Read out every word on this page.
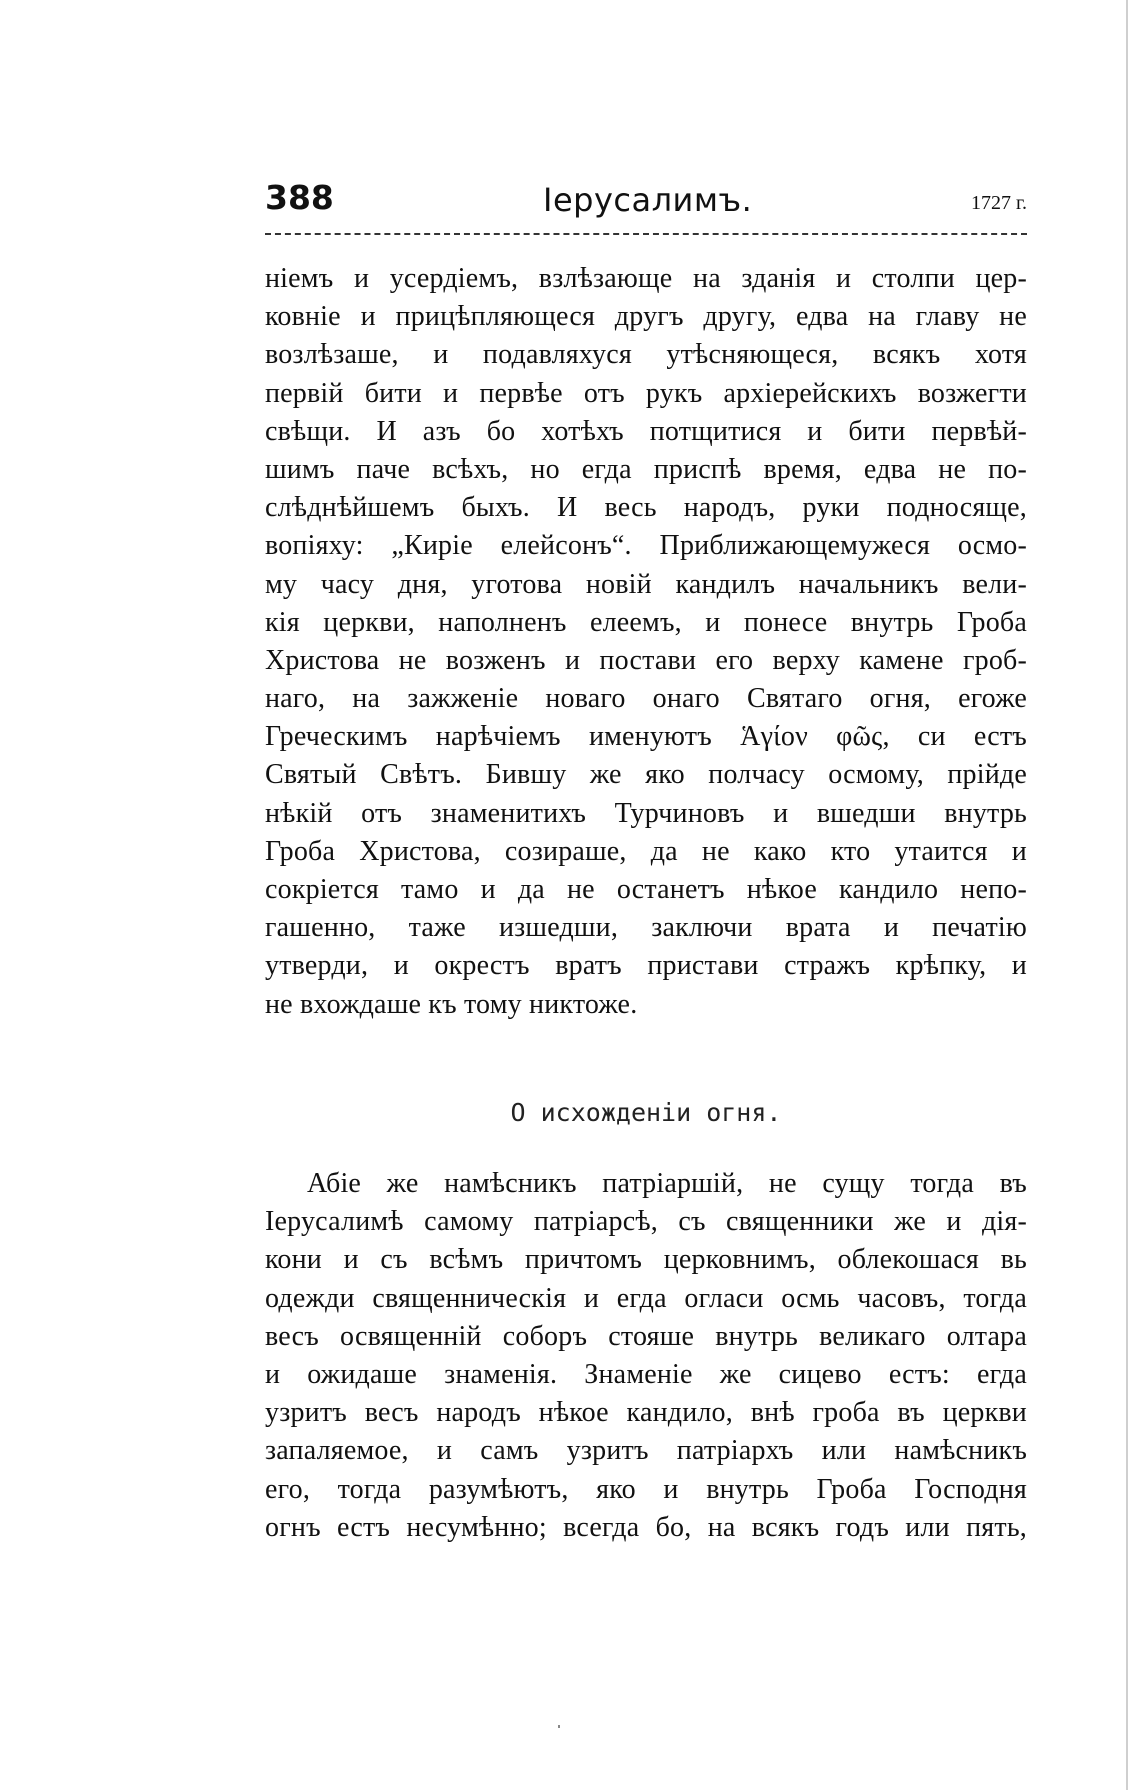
388	Іерусалимъ.	1727 г.
ніемъ и усердіемъ, взлѣзающе на зданія и столпи цер-
ковніе и прицѣпляющеся другъ другу, едва на главу не
возлѣзаше, и подавляхуся утѣсняющеся, всякъ хотя
первій бити и первѣе отъ рукъ архіерейскихъ возжегти
свѣщи. И азъ бо хотѣхъ потщитися и бити первѣй-
шимъ паче всѣхъ, но егда приспѣ время, едва не по-
слѣднѣйшемъ быхъ. И весь народъ, руки подносяще,
вопіяху: „Киріе елейсонъ“. Приближающемужеся осмо-
му часу дня, уготова новій кандилъ начальникъ вели-
кія церкви, наполненъ елеемъ, и понесе внутрь Гроба
Христова не возженъ и постави его верху камене гроб-
наго, на зажженіе новаго онаго Святаго огня, егоже
Греческимъ нарѣчіемъ именуютъ Ἁγίον φῶς, си естъ
Святый Свѣтъ. Бившу же яко полчасу осмому, прійде
нѣкій отъ знаменитихъ Турчиновъ и вшедши внутрь
Гроба Христова, созираше, да не како кто утаится и
сокріется тамо и да не останетъ нѣкое кандило непо-
гашенно, таже изшедши, заключи врата и печатію
утверди, и окрестъ вратъ пристави стражъ крѣпку, и
не вхождаше къ тому никтоже.
О исхожденіи огня.
Абіе же намѣсникъ патріаршій, не сущу тогда въ
Іерусалимѣ самому патріарсѣ, съ священники же и дія-
кони и съ всѣмъ причтомъ церковнимъ, облекошася вь
одежди священническія и егда огласи осмь часовъ, тогда
весъ освященній соборъ стояше внутрь великаго олтара
и ожидаше знаменія. Знаменіе же сицево естъ: егда
узритъ весъ народъ нѣкое кандило, внѣ гроба въ церкви
запаляемое, и самъ узритъ патріархъ или намѣсникъ
его, тогда разумѣютъ, яко и внутрь Гроба Господня
огнъ естъ несумѣнно; всегда бо, на всякъ годъ или пять,
